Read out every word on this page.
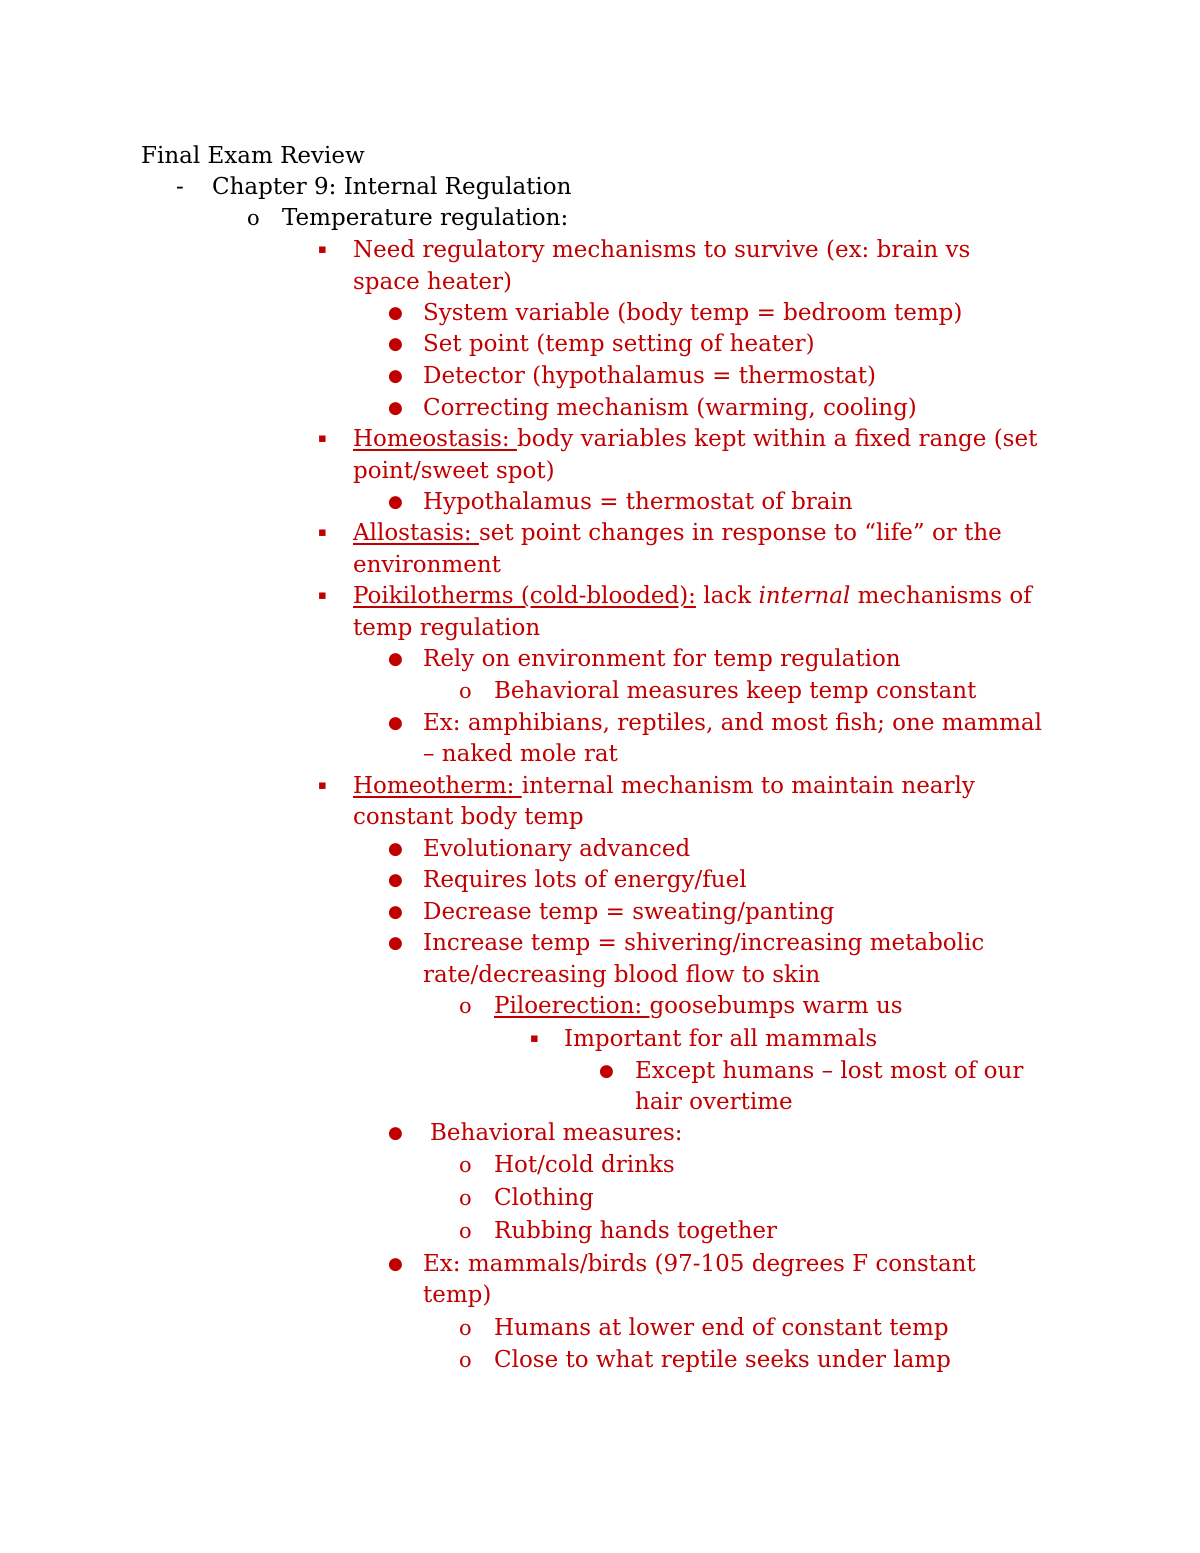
Final Exam Review
- Chapter 9: Internal Regulation
o Temperature regulation:
▪ Need regulatory mechanisms to survive (ex: brain vs
space heater)
● System variable (body temp = bedroom temp)
● Set point (temp setting of heater)
● Detector (hypothalamus = thermostat)
● Correcting mechanism (warming, cooling)
▪ Homeostasis: body variables kept within a fixed range (set
point/sweet spot)
● Hypothalamus = thermostat of brain
▪ Allostasis: set point changes in response to “life” or the
environment
▪ Poikilotherms (cold-blooded): lack internal mechanisms of
temp regulation
● Rely on environment for temp regulation
o Behavioral measures keep temp constant
● Ex: amphibians, reptiles, and most fish; one mammal
– naked mole rat
▪ Homeotherm: internal mechanism to maintain nearly
constant body temp
● Evolutionary advanced
● Requires lots of energy/fuel
● Decrease temp = sweating/panting
● Increase temp = shivering/increasing metabolic
rate/decreasing blood flow to skin
o Piloerection: goosebumps warm us
▪ Important for all mammals
● Except humans – lost most of our
hair overtime
● Behavioral measures:
o Hot/cold drinks
o Clothing
o Rubbing hands together
● Ex: mammals/birds (97-105 degrees F constant
temp)
o Humans at lower end of constant temp
o Close to what reptile seeks under lamp
